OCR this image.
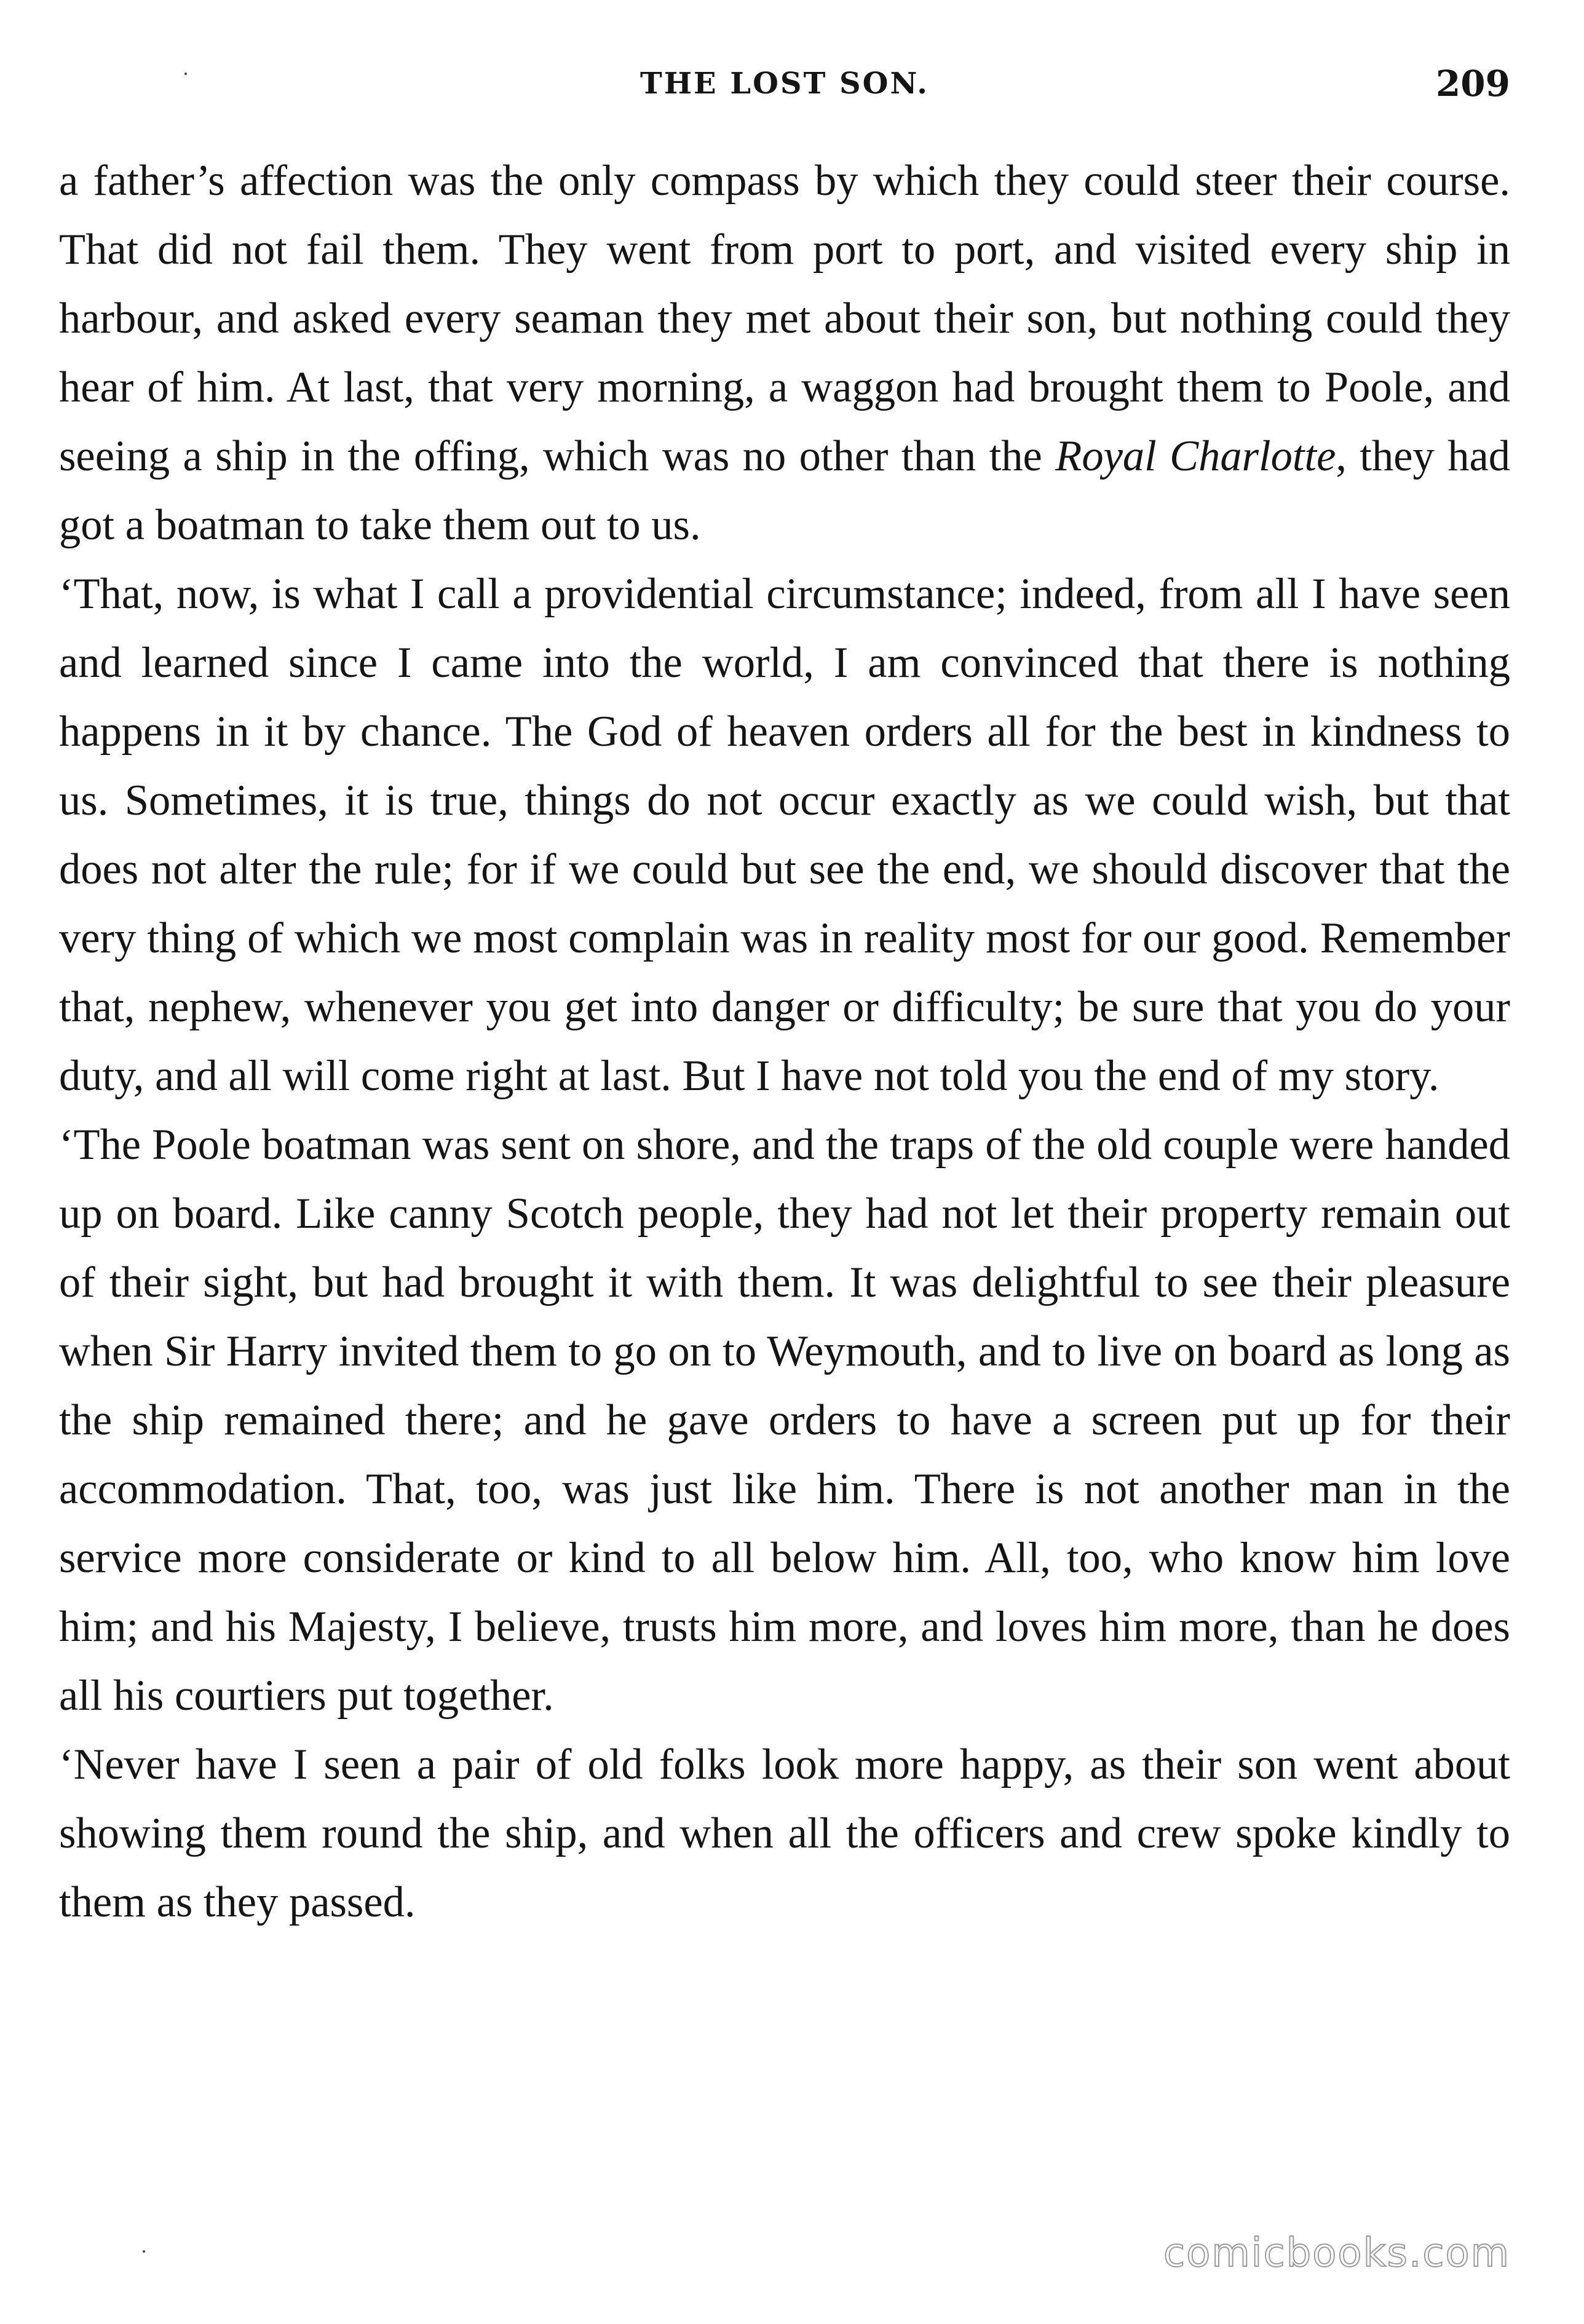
THE LOST SON.	209

a father’s affection was the only compass by which they could steer their course. That did not fail them. They went from port to port, and visited every ship in harbour, and asked every seaman they met about their son, but nothing could they hear of him. At last, that very morning, a waggon had brought them to Poole, and seeing a ship in the offing, which was no other than the Royal Charlotte, they had got a boatman to take them out to us.

‘That, now, is what I call a providential circumstance; indeed, from all I have seen and learned since I came into the world, I am convinced that there is nothing happens in it by chance. The God of heaven orders all for the best in kindness to us. Sometimes, it is true, things do not occur exactly as we could wish, but that does not alter the rule; for if we could but see the end, we should discover that the very thing of which we most complain was in reality most for our good. Remember that, nephew, whenever you get into danger or difficulty; be sure that you do your duty, and all will come right at last. But I have not told you the end of my story.

‘The Poole boatman was sent on shore, and the traps of the old couple were handed up on board. Like canny Scotch people, they had not let their property remain out of their sight, but had brought it with them. It was delightful to see their pleasure when Sir Harry invited them to go on to Weymouth, and to live on board as long as the ship remained there; and he gave orders to have a screen put up for their accommodation. That, too, was just like him. There is not another man in the service more considerate or kind to all below him. All, too, who know him love him; and his Majesty, I believe, trusts him more, and loves him more, than he does all his courtiers put together.

‘Never have I seen a pair of old folks look more happy, as their son went about showing them round the ship, and when all the officers and crew spoke kindly to them as they passed.

comicbooks.com
